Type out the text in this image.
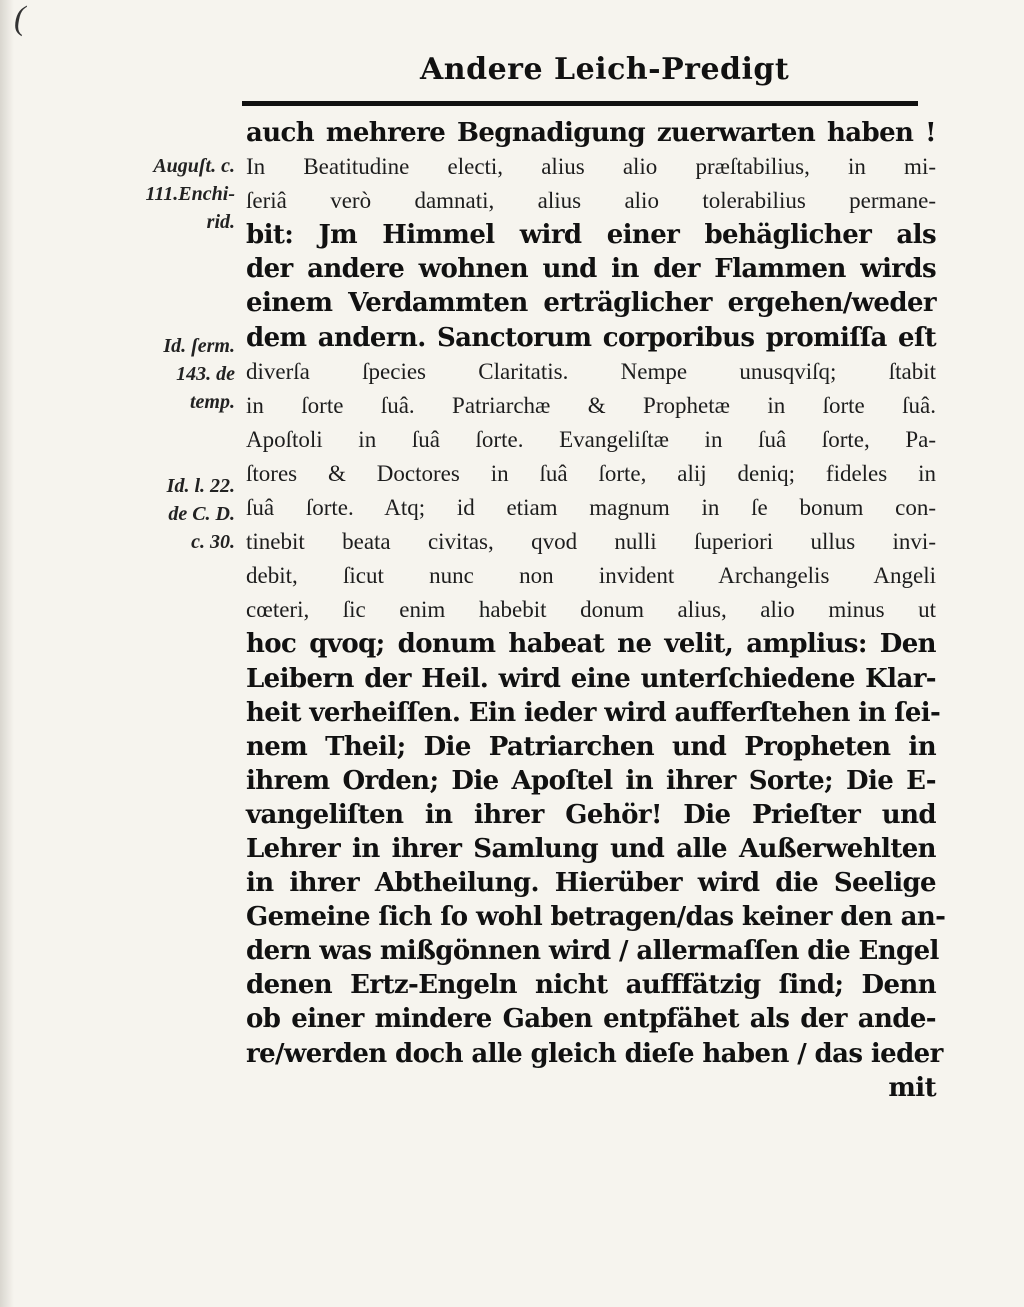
(
Andere Leich-Predigt
Auguſt. c.
111.Enchi-
rid.
Id. ſerm.
143. de
temp.
Id. l. 22.
de C. D.
c. 30.
auch mehrere Begnadigung zuerwarten haben !
In Beatitudine electi, alius alio præſtabilius, in mi-
ſeriâ verò damnati, alius alio tolerabilius permane-
bit: Jm Himmel wird einer behäglicher als
der andere wohnen und in der Flammen wirds
einem Verdammten erträglicher ergehen/weder
dem andern. Sanctorum corporibus promiſſa eſt
diverſa ſpecies Claritatis. Nempe unusqviſq; ſtabit
in ſorte ſuâ. Patriarchæ & Prophetæ in ſorte ſuâ.
Apoſtoli in ſuâ ſorte. Evangeliſtæ in ſuâ ſorte, Pa-
ſtores & Doctores in ſuâ ſorte, alij deniq; fideles in
ſuâ ſorte. Atq; id etiam magnum in ſe bonum con-
tinebit beata civitas, qvod nulli ſuperiori ullus invi-
debit, ſicut nunc non invident Archangelis Angeli
cœteri, ſic enim habebit donum alius, alio minus ut
hoc qvoq; donum habeat ne velit, amplius: Den
Leibern der Heil. wird eine unterſchiedene Klar-
heit verheiſſen. Ein ieder wird aufferſtehen in ſei-
nem Theil; Die Patriarchen und Propheten in
ihrem Orden; Die Apoſtel in ihrer Sorte; Die E-
vangeliſten in ihrer Gehör! Die Prieſter und
Lehrer in ihrer Samlung und alle Außerwehlten
in ihrer Abtheilung. Hierüber wird die Seelige
Gemeine ſich ſo wohl betragen/das keiner den an-
dern was mißgönnen wird / allermaſſen die Engel
denen Ertz-Engeln nicht aufffätzig ſind; Denn
ob einer mindere Gaben entpfähet als der ande-
re/werden doch alle gleich dieſe haben / das ieder
mit
